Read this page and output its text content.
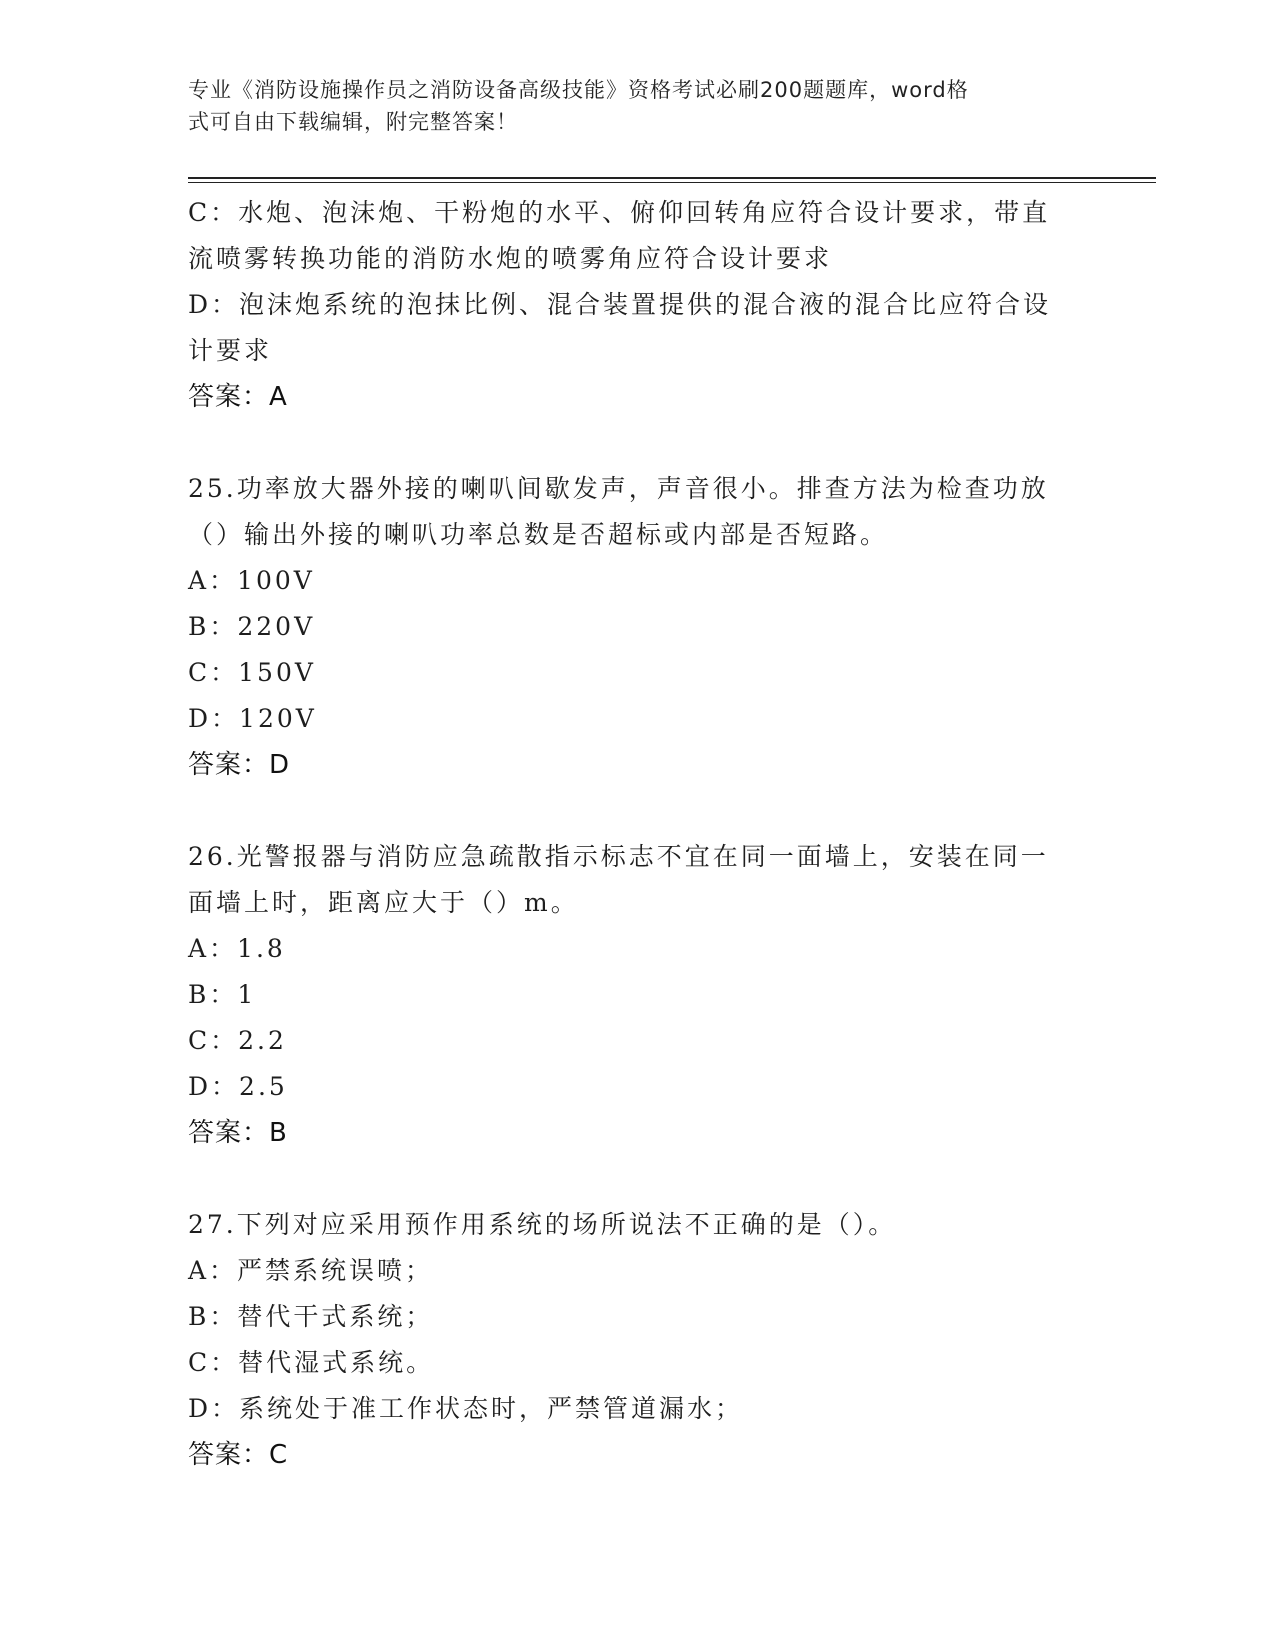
专业《消防设施操作员之消防设备高级技能》资格考试必刷200题题库，word格
式可自由下载编辑，附完整答案！
C：水炮、泡沫炮、干粉炮的水平、俯仰回转角应符合设计要求，带直
流喷雾转换功能的消防水炮的喷雾角应符合设计要求
D：泡沫炮系统的泡抹比例、混合装置提供的混合液的混合比应符合设
计要求
答案：A
25.功率放大器外接的喇叭间歇发声，声音很小。排查方法为检查功放
（）输出外接的喇叭功率总数是否超标或内部是否短路。
A：100V
B：220V
C：150V
D：120V
答案：D
26.光警报器与消防应急疏散指示标志不宜在同一面墙上，安装在同一
面墙上时，距离应大于（）m。
A：1.8
B：1
C：2.2
D：2.5
答案：B
27.下列对应采用预作用系统的场所说法不正确的是（）。
A：严禁系统误喷；
B：替代干式系统；
C：替代湿式系统。
D：系统处于准工作状态时，严禁管道漏水；
答案：C
